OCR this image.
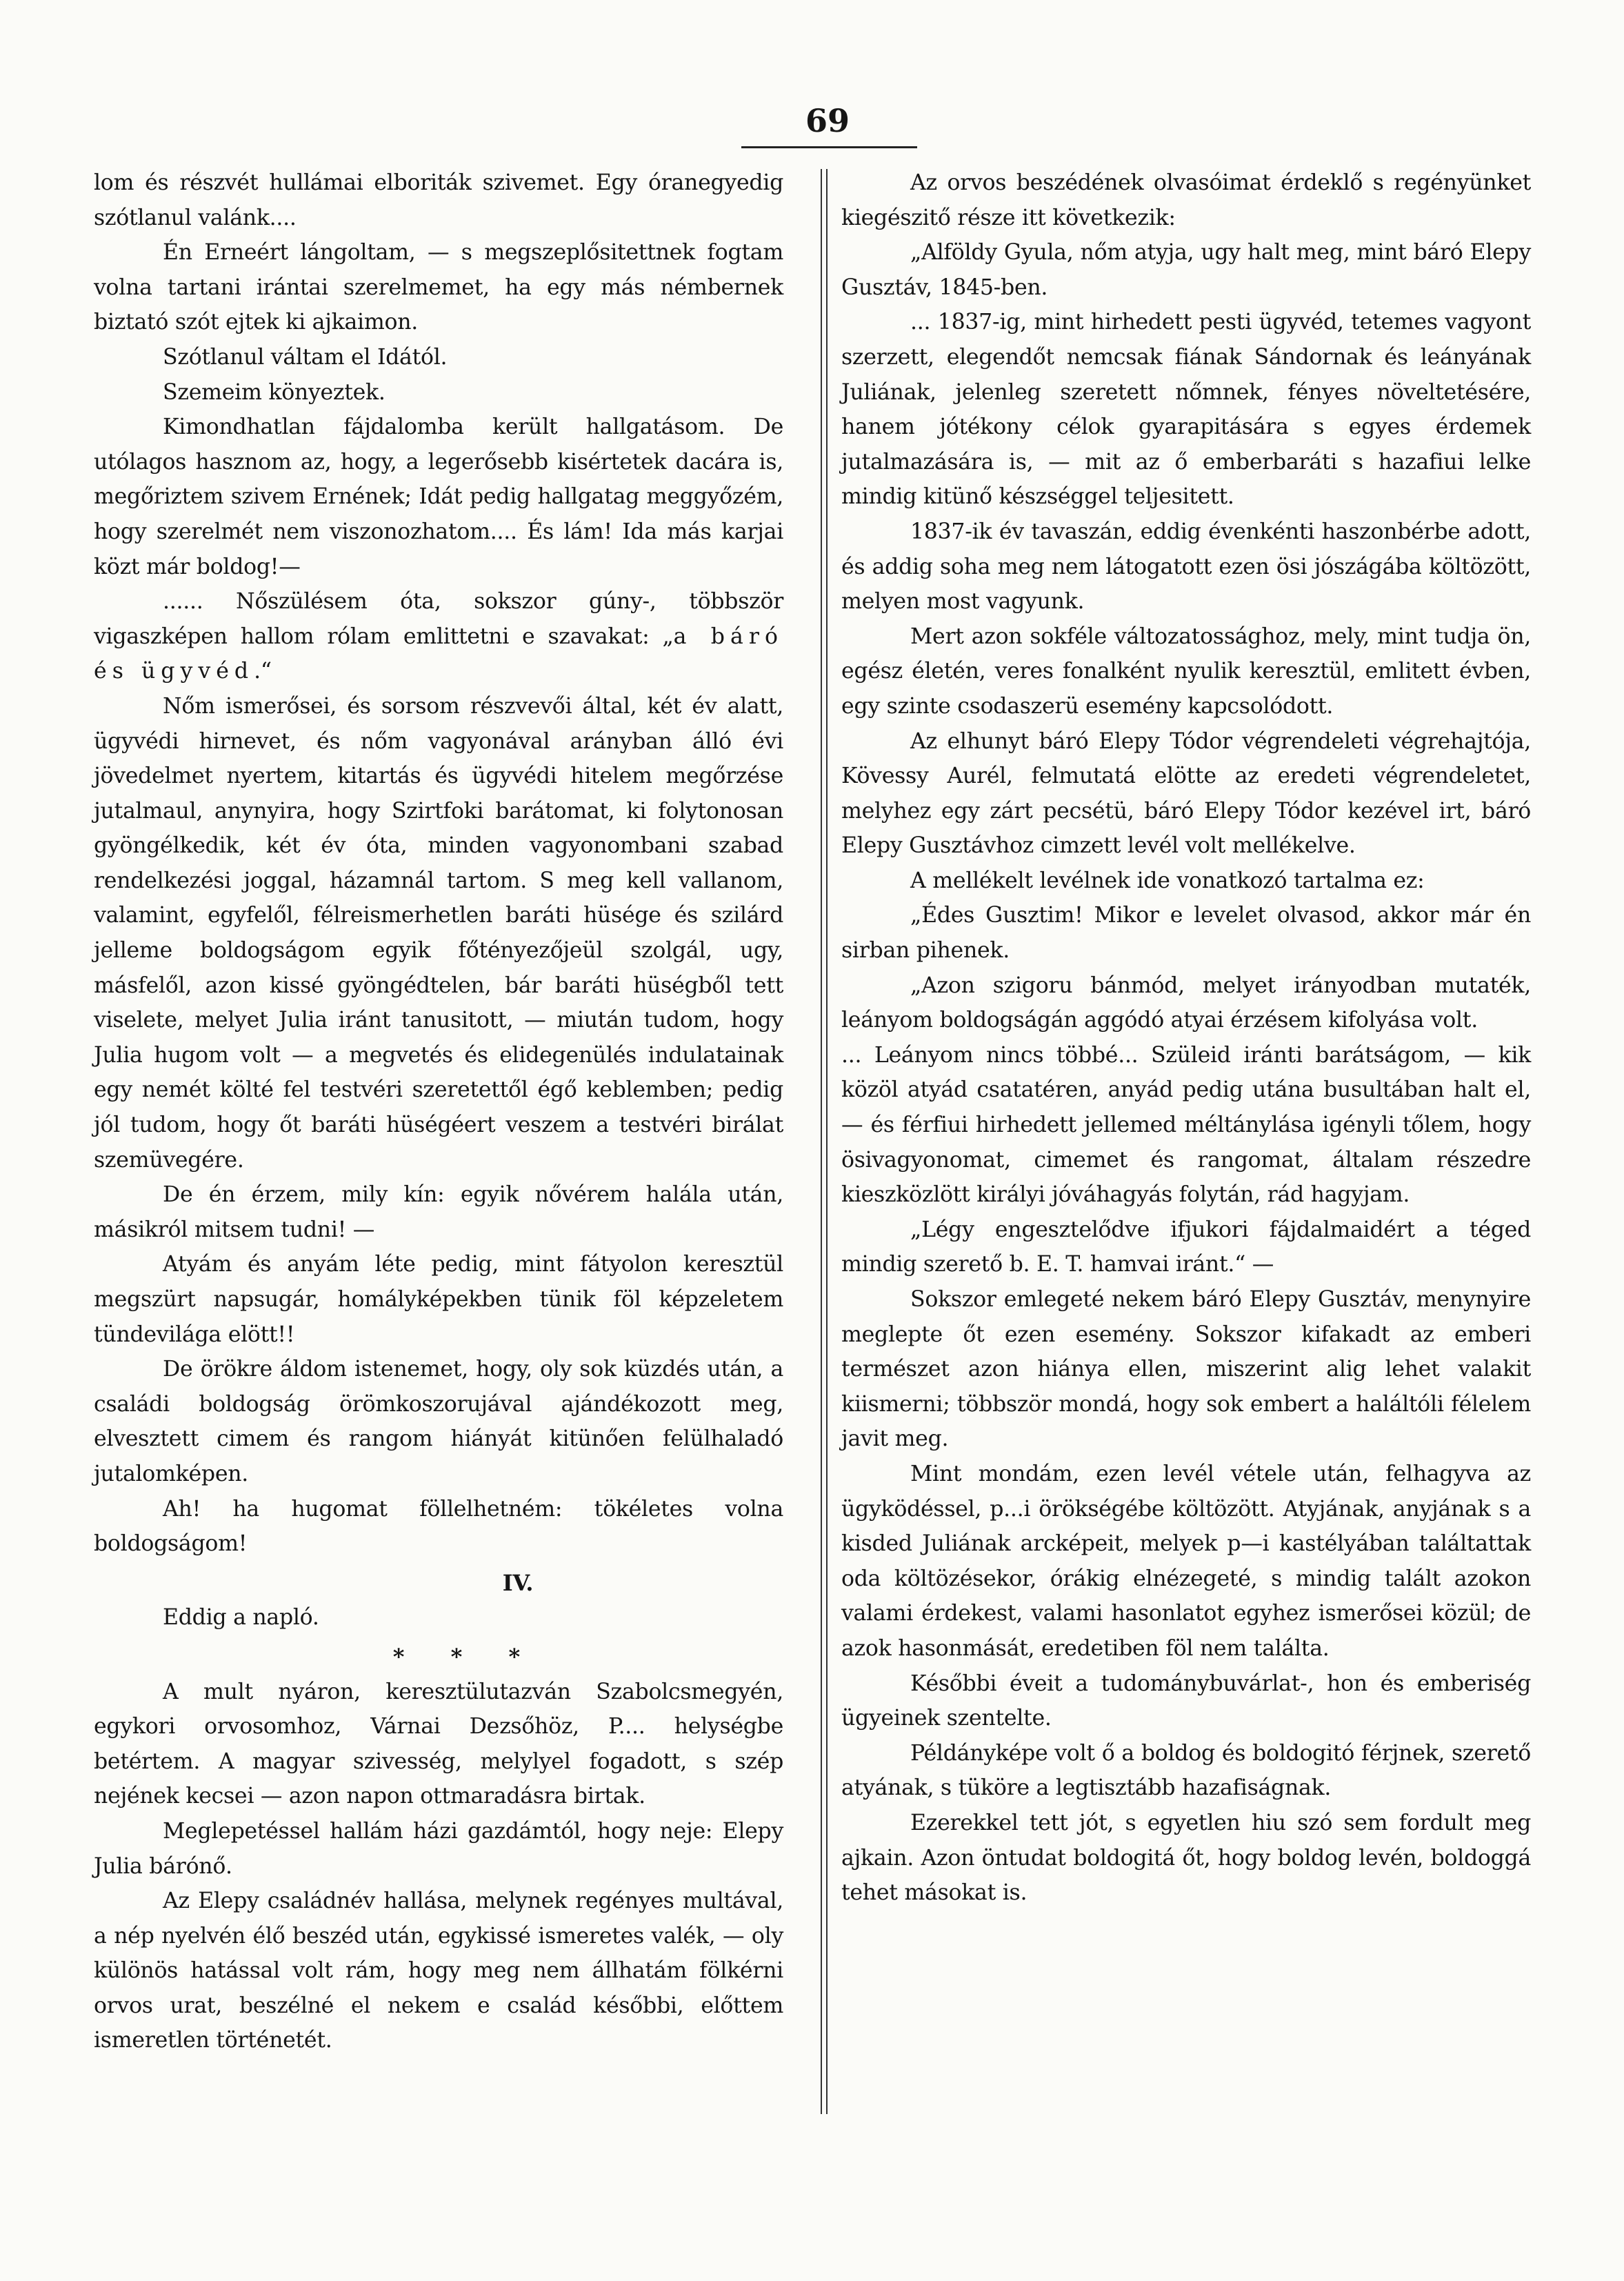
69

lom és részvét hullámai elboriták szivemet. Egy óranegyedig szótlanul valánk....

Én Erneért lángoltam, — s megszeplősitettnek fogtam volna tartani irántai szerelmemet, ha egy más némbernek biztató szót ejtek ki ajkaimon.

Szótlanul váltam el Idától.

Szemeim könyeztek.

Kimondhatlan fájdalomba került hallgatásom. De utólagos hasznom az, hogy, a legerősebb kisértetek dacára is, megőriztem szivem Ernének; Idát pedig hallgatag meggyőzém, hogy szerelmét nem viszonozhatom.... És lám! Ida más karjai közt már boldog!—

...... Nőszülésem óta, sokszor gúny-, többször vigaszképen hallom rólam emlittetni e szavakat: „a báró és ügyvéd.“

Nőm ismerősei, és sorsom részvevői által, két év alatt, ügyvédi hirnevet, és nőm vagyonával arányban álló évi jövedelmet nyertem, kitartás és ügyvédi hitelem megőrzése jutalmaul, anynyira, hogy Szirtfoki barátomat, ki folytonosan gyöngélkedik, két év óta, minden vagyonombani szabad rendelkezési joggal, házamnál tartom. S meg kell vallanom, valamint, egyfelől, félreismerhetlen baráti hüsége és szilárd jelleme boldogságom egyik főtényezőjeül szolgál, ugy, másfelől, azon kissé gyöngédtelen, bár baráti hüségből tett viselete, melyet Julia iránt tanusitott, — miután tudom, hogy Julia hugom volt — a megvetés és elidegenülés indulatainak egy nemét költé fel testvéri szeretettől égő keblemben; pedig jól tudom, hogy őt baráti hüségéert veszem a testvéri birálat szemüvegére.

De én érzem, mily kín: egyik nővérem halála után, másikról mitsem tudni! —

Atyám és anyám léte pedig, mint fátyolon keresztül megszürt napsugár, homályképekben tünik föl képzeletem tündevilága elött!!

De örökre áldom istenemet, hogy, oly sok küzdés után, a családi boldogság örömkoszorujával ajándékozott meg, elvesztett cimem és rangom hiányát kitünően felülhaladó jutalomképen.

Ah! ha hugomat föllelhetném: tökéletes volna boldogságom!

IV.

Eddig a napló.

* * *

A mult nyáron, keresztülutazván Szabolcsmegyén, egykori orvosomhoz, Várnai Dezsőhöz, P.... helységbe betértem. A magyar szivesség, melylyel fogadott, s szép nejének kecsei — azon napon ottmaradásra birtak.

Meglepetéssel hallám házi gazdámtól, hogy neje: Elepy Julia bárónő.

Az Elepy családnév hallása, melynek regényes multával, a nép nyelvén élő beszéd után, egykissé ismeretes valék, — oly különös hatással volt rám, hogy meg nem állhatám fölkérni orvos urat, beszélné el nekem e család későbbi, előttem ismeretlen történetét.

Az orvos beszédének olvasóimat érdeklő s regényünket kiegészitő része itt következik:

„Alföldy Gyula, nőm atyja, ugy halt meg, mint báró Elepy Gusztáv, 1845-ben.

... 1837-ig, mint hirhedett pesti ügyvéd, tetemes vagyont szerzett, elegendőt nemcsak fiának Sándornak és leányának Juliának, jelenleg szeretett nőmnek, fényes növeltetésére, hanem jótékony célok gyarapitására s egyes érdemek jutalmazására is, — mit az ő emberbaráti s hazafiui lelke mindig kitünő készséggel teljesitett.

1837-ik év tavaszán, eddig évenkénti haszonbérbe adott, és addig soha meg nem látogatott ezen ösi jószágába költözött, melyen most vagyunk.

Mert azon sokféle változatossághoz, mely, mint tudja ön, egész életén, veres fonalként nyulik keresztül, emlitett évben, egy szinte csodaszerü esemény kapcsolódott.

Az elhunyt báró Elepy Tódor végrendeleti végrehajtója, Kövessy Aurél, felmutatá elötte az eredeti végrendeletet, melyhez egy zárt pecsétü, báró Elepy Tódor kezével irt, báró Elepy Gusztávhoz cimzett levél volt mellékelve.

A mellékelt levélnek ide vonatkozó tartalma ez:

„Édes Gusztim! Mikor e levelet olvasod, akkor már én sirban pihenek.

„Azon szigoru bánmód, melyet irányodban mutaték, leányom boldogságán aggódó atyai érzésem kifolyása volt.

... Leányom nincs többé... Szüleid iránti barátságom, — kik közöl atyád csatatéren, anyád pedig utána busultában halt el, — és férfiui hirhedett jellemed méltánylása igényli tőlem, hogy ösivagyonomat, cimemet és rangomat, általam részedre kieszközlött királyi jóváhagyás folytán, rád hagyjam.

„Légy engesztelődve ifjukori fájdalmaidért a téged mindig szerető b. E. T. hamvai iránt.“ —

Sokszor emlegeté nekem báró Elepy Gusztáv, menynyire meglepte őt ezen esemény. Sokszor kifakadt az emberi természet azon hiánya ellen, miszerint alig lehet valakit kiismerni; többször mondá, hogy sok embert a haláltóli félelem javit meg.

Mint mondám, ezen levél vétele után, felhagyva az ügyködéssel, p...i örökségébe költözött. Atyjának, anyjának s a kisded Juliának arcképeit, melyek p—i kastélyában találtattak oda költözésekor, órákig elnézegeté, s mindig talált azokon valami érdekest, valami hasonlatot egyhez ismerősei közül; de azok hasonmását, eredetiben föl nem találta.

Későbbi éveit a tudománybuvárlat-, hon és emberiség ügyeinek szentelte.

Példányképe volt ő a boldog és boldogitó férjnek, szerető atyának, s tüköre a legtisztább hazafiságnak.

Ezerekkel tett jót, s egyetlen hiu szó sem fordult meg ajkain. Azon öntudat boldogitá őt, hogy boldog levén, boldoggá tehet másokat is.
